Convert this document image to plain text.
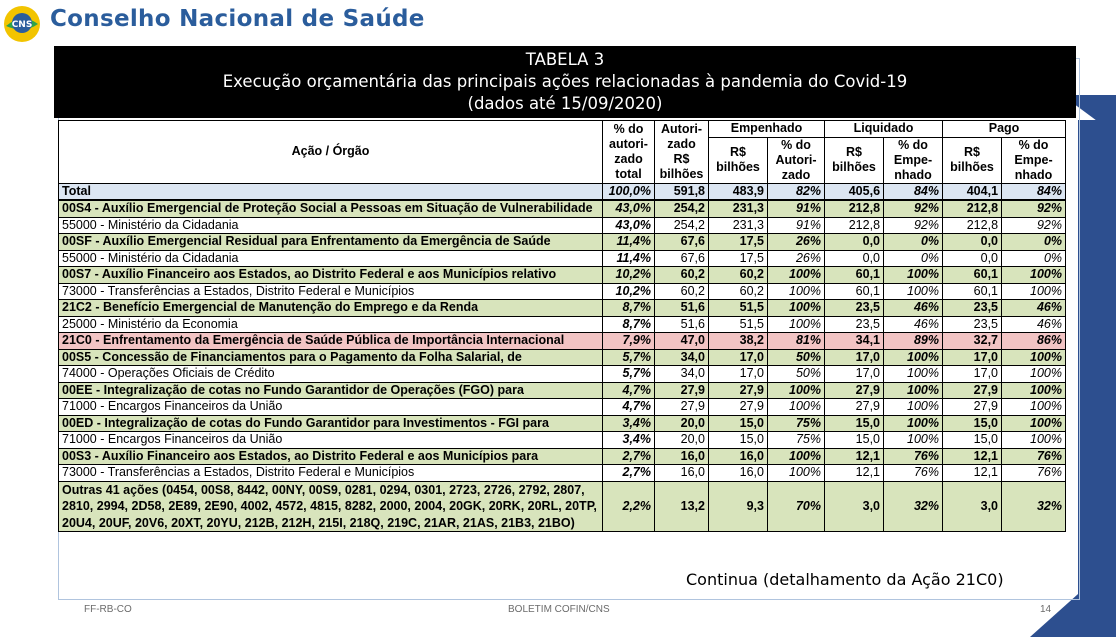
CNS Conselho Nacional de Saúde
TABELA 3
Execução orçamentária das principais ações relacionadas à pandemia do Covid-19
(dados até 15/09/2020)
Ação / Órgão	% do autori- zado total	Autori- zado R$ bilhões	Empenhado		Liquidado		Pago	
			R$ bilhões	% do Autori- zado	R$ bilhões	% do Empe- nhado	R$ bilhões	% do Empe- nhado
Total	100,0%	591,8	483,9	82%	405,6	84%	404,1	84%
00S4 - Auxílio Emergencial de Proteção Social a Pessoas em Situação de Vulnerabilidade	43,0%	254,2	231,3	91%	212,8	92%	212,8	92%
55000 - Ministério da Cidadania	43,0%	254,2	231,3	91%	212,8	92%	212,8	92%
00SF - Auxílio Emergencial Residual para Enfrentamento da Emergência de Saúde	11,4%	67,6	17,5	26%	0,0	0%	0,0	0%
55000 - Ministério da Cidadania	11,4%	67,6	17,5	26%	0,0	0%	0,0	0%
00S7 - Auxílio Financeiro aos Estados, ao Distrito Federal e aos Municípios relativo	10,2%	60,2	60,2	100%	60,1	100%	60,1	100%
73000 - Transferências a Estados, Distrito Federal e Municípios	10,2%	60,2	60,2	100%	60,1	100%	60,1	100%
21C2 - Benefício Emergencial de Manutenção do Emprego e da Renda	8,7%	51,6	51,5	100%	23,5	46%	23,5	46%
25000 - Ministério da Economia	8,7%	51,6	51,5	100%	23,5	46%	23,5	46%
21C0 - Enfrentamento da Emergência de Saúde Pública de Importância Internacional	7,9%	47,0	38,2	81%	34,1	89%	32,7	86%
00S5 - Concessão de Financiamentos para o Pagamento da Folha Salarial, de	5,7%	34,0	17,0	50%	17,0	100%	17,0	100%
74000 - Operações Oficiais de Crédito	5,7%	34,0	17,0	50%	17,0	100%	17,0	100%
00EE - Integralização de cotas no Fundo Garantidor de Operações (FGO) para	4,7%	27,9	27,9	100%	27,9	100%	27,9	100%
71000 - Encargos Financeiros da União	4,7%	27,9	27,9	100%	27,9	100%	27,9	100%
00ED - Integralização de cotas do Fundo Garantidor para Investimentos - FGI para	3,4%	20,0	15,0	75%	15,0	100%	15,0	100%
71000 - Encargos Financeiros da União	3,4%	20,0	15,0	75%	15,0	100%	15,0	100%
00S3 - Auxílio Financeiro aos Estados, ao Distrito Federal e aos Municípios para	2,7%	16,0	16,0	100%	12,1	76%	12,1	76%
73000 - Transferências a Estados, Distrito Federal e Municípios	2,7%	16,0	16,0	100%	12,1	76%	12,1	76%
Outras 41 ações (0454, 00S8, 8442, 00NY, 00S9, 0281, 0294, 0301, 2723, 2726, 2792, 2807, 2810, 2994, 2D58, 2E89, 2E90, 4002, 4572, 4815, 8282, 2000, 2004, 20GK, 20RK, 20RL, 20TP, 20U4, 20UF, 20V6, 20XT, 20YU, 212B, 212H, 215I, 218Q, 219C, 21AR, 21AS, 21B3, 21BO)	2,2%	13,2	9,3	70%	3,0	32%	3,0	32%
Continua (detalhamento da Ação 21C0)
FF-RB-CO	BOLETIM COFIN/CNS	14
